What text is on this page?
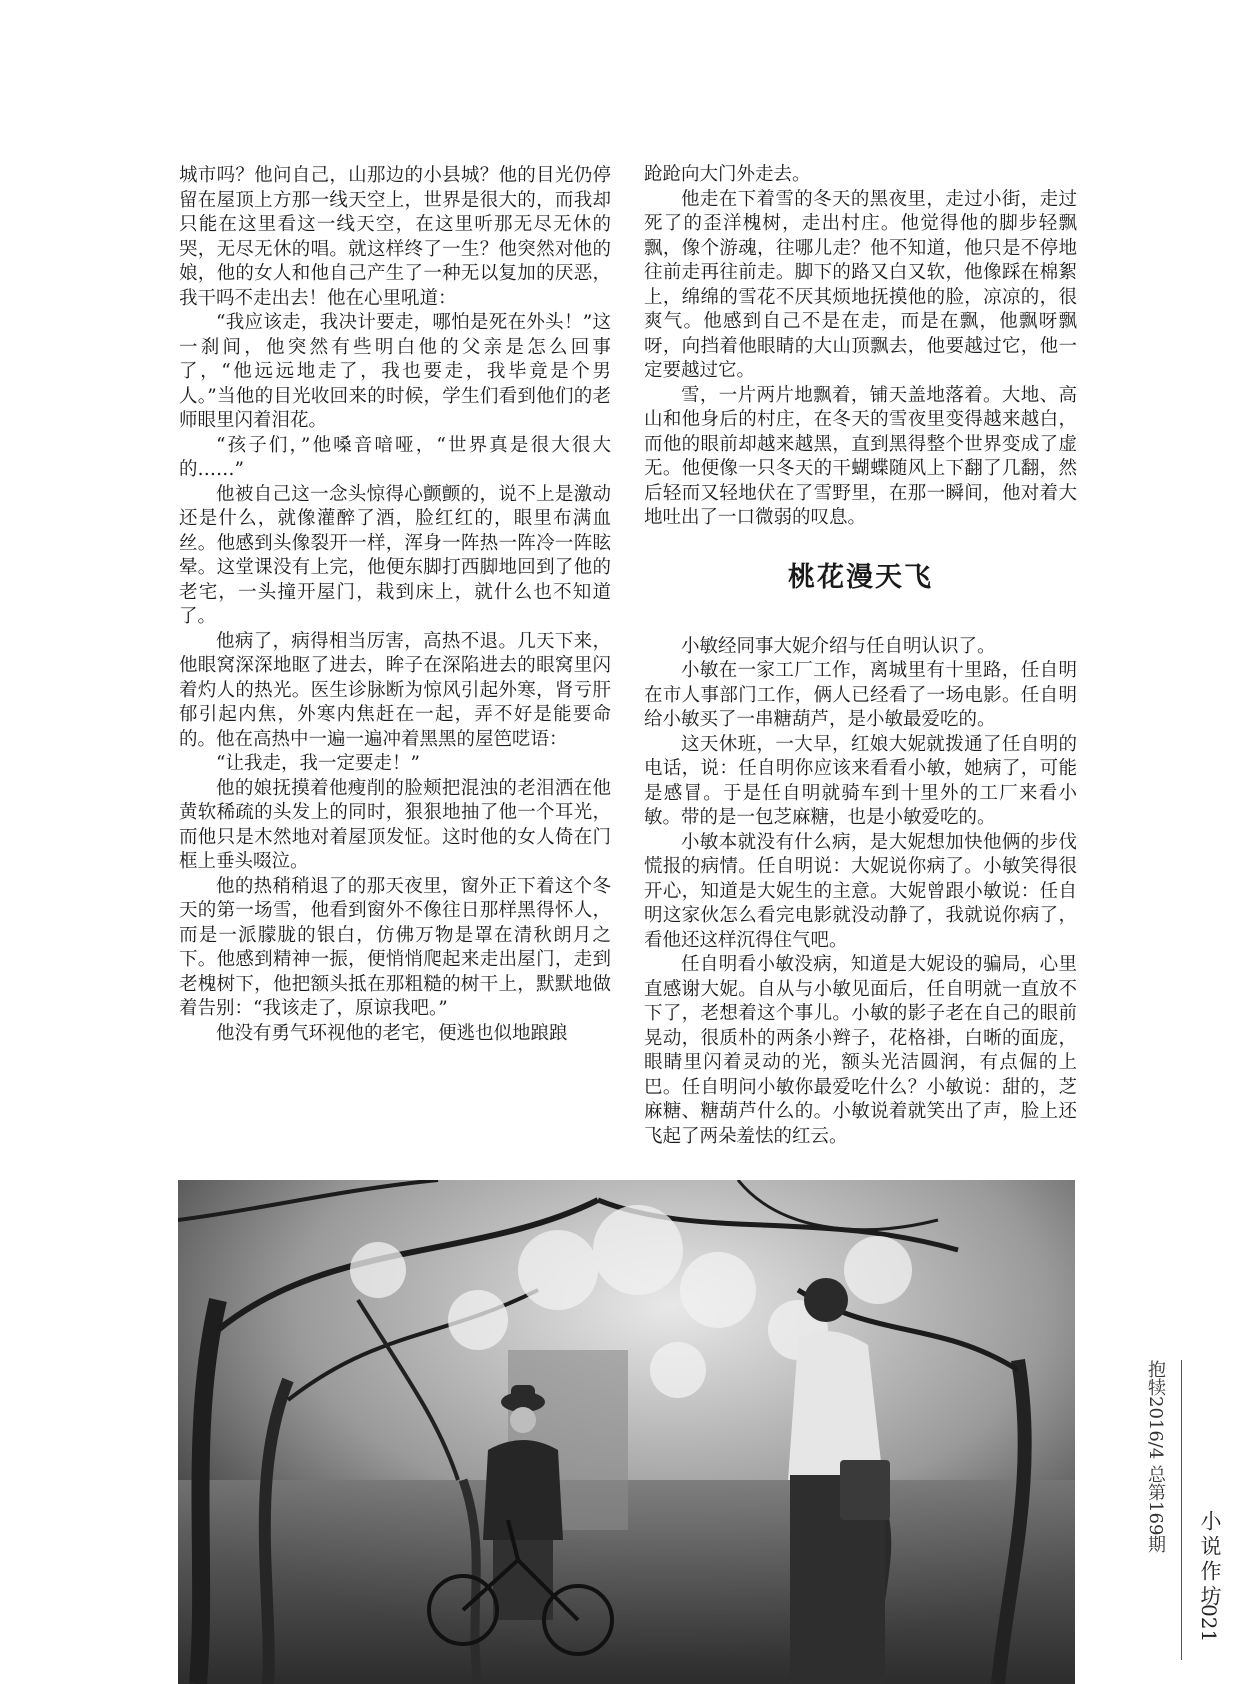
城市吗？他问自己，山那边的小县城？他的目光仍停留在屋顶上方那一线天空上，世界是很大的，而我却只能在这里看这一线天空，在这里听那无尽无休的哭，无尽无休的唱。就这样终了一生？他突然对他的娘，他的女人和他自己产生了一种无以复加的厌恶，我干吗不走出去！他在心里吼道：

“我应该走，我决计要走，哪怕是死在外头！”这一刹间，他突然有些明白他的父亲是怎么回事了，“他远远地走了，我也要走，我毕竟是个男人。”当他的目光收回来的时候，学生们看到他们的老师眼里闪着泪花。

“孩子们，”他嗓音喑哑，“世界真是很大很大的……”

他被自己这一念头惊得心颤颤的，说不上是激动还是什么，就像灌醉了酒，脸红红的，眼里布满血丝。他感到头像裂开一样，浑身一阵热一阵冷一阵眩晕。这堂课没有上完，他便东脚打西脚地回到了他的老宅，一头撞开屋门，栽到床上，就什么也不知道了。

他病了，病得相当厉害，高热不退。几天下来，他眼窝深深地眍了进去，眸子在深陷进去的眼窝里闪着灼人的热光。医生诊脉断为惊风引起外寒，肾亏肝郁引起内焦，外寒内焦赶在一起，弄不好是能要命的。他在高热中一遍一遍冲着黑黑的屋笆呓语：

“让我走，我一定要走！”

他的娘抚摸着他瘦削的脸颊把混浊的老泪洒在他黄软稀疏的头发上的同时，狠狠地抽了他一个耳光，而他只是木然地对着屋顶发怔。这时他的女人倚在门框上垂头啜泣。

他的热稍稍退了的那天夜里，窗外正下着这个冬天的第一场雪，他看到窗外不像往日那样黑得怀人，而是一派朦胧的银白，仿佛万物是罩在清秋朗月之下。他感到精神一振，便悄悄爬起来走出屋门，走到老槐树下，他把额头抵在那粗糙的树干上，默默地做着告别：“我该走了，原谅我吧。”

他没有勇气环视他的老宅，便逃也似地踉踉

跄跄向大门外走去。

他走在下着雪的冬天的黑夜里，走过小街，走过死了的歪洋槐树，走出村庄。他觉得他的脚步轻飘飘，像个游魂，往哪儿走？他不知道，他只是不停地往前走再往前走。脚下的路又白又软，他像踩在棉絮上，绵绵的雪花不厌其烦地抚摸他的脸，凉凉的，很爽气。他感到自己不是在走，而是在飘，他飘呀飘呀，向挡着他眼睛的大山顶飘去，他要越过它，他一定要越过它。

雪，一片两片地飘着，铺天盖地落着。大地、高山和他身后的村庄，在冬天的雪夜里变得越来越白，而他的眼前却越来越黑，直到黑得整个世界变成了虚无。他便像一只冬天的干蝴蝶随风上下翻了几翻，然后轻而又轻地伏在了雪野里，在那一瞬间，他对着大地吐出了一口微弱的叹息。

桃花漫天飞

小敏经同事大妮介绍与任自明认识了。

小敏在一家工厂工作，离城里有十里路，任自明在市人事部门工作，俩人已经看了一场电影。任自明给小敏买了一串糖葫芦，是小敏最爱吃的。

这天休班，一大早，红娘大妮就拨通了任自明的电话，说：任自明你应该来看看小敏，她病了，可能是感冒。于是任自明就骑车到十里外的工厂来看小敏。带的是一包芝麻糖，也是小敏爱吃的。

小敏本就没有什么病，是大妮想加快他俩的步伐慌报的病情。任自明说：大妮说你病了。小敏笑得很开心，知道是大妮生的主意。大妮曾跟小敏说：任自明这家伙怎么看完电影就没动静了，我就说你病了，看他还这样沉得住气吧。

任自明看小敏没病，知道是大妮设的骗局，心里直感谢大妮。自从与小敏见面后，任自明就一直放不下了，老想着这个事儿。小敏的影子老在自己的眼前晃动，很质朴的两条小辫子，花格褂，白晰的面庞，眼睛里闪着灵动的光，额头光洁圆润，有点倔的上巴。任自明问小敏你最爱吃什么？小敏说：甜的，芝麻糖、糖葫芦什么的。小敏说着就笑出了声，脸上还飞起了两朵羞怯的红云。

抱犊2016/4 总第169期
小说作坊
021
